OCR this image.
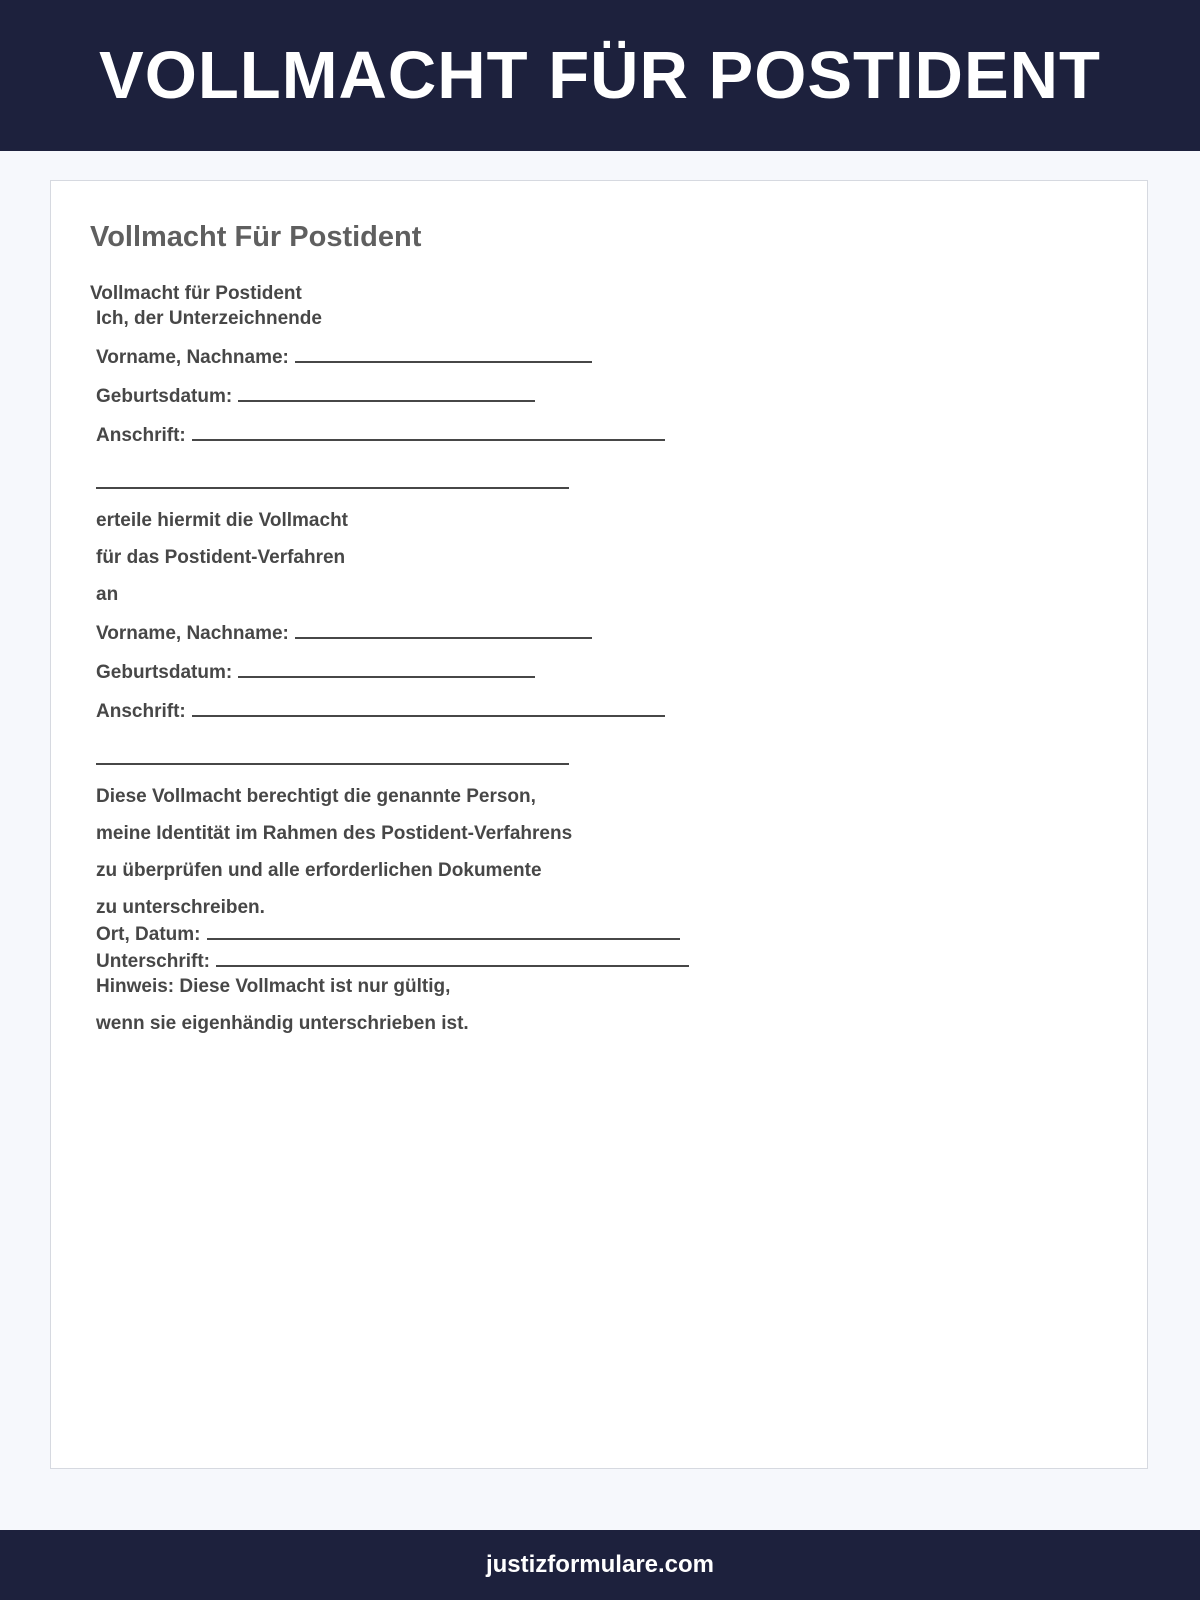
VOLLMACHT FÜR POSTIDENT
Vollmacht Für Postident
Vollmacht für Postident
Ich, der Unterzeichnende
Vorname, Nachname:
Geburtsdatum:
Anschrift:
erteile hiermit die Vollmacht
für das Postident-Verfahren
an
Vorname, Nachname:
Geburtsdatum:
Anschrift:
Diese Vollmacht berechtigt die genannte Person,
meine Identität im Rahmen des Postident-Verfahrens
zu überprüfen und alle erforderlichen Dokumente
zu unterschreiben.
Ort, Datum:
Unterschrift:
Hinweis: Diese Vollmacht ist nur gültig,
wenn sie eigenhändig unterschrieben ist.
justizformulare.com
